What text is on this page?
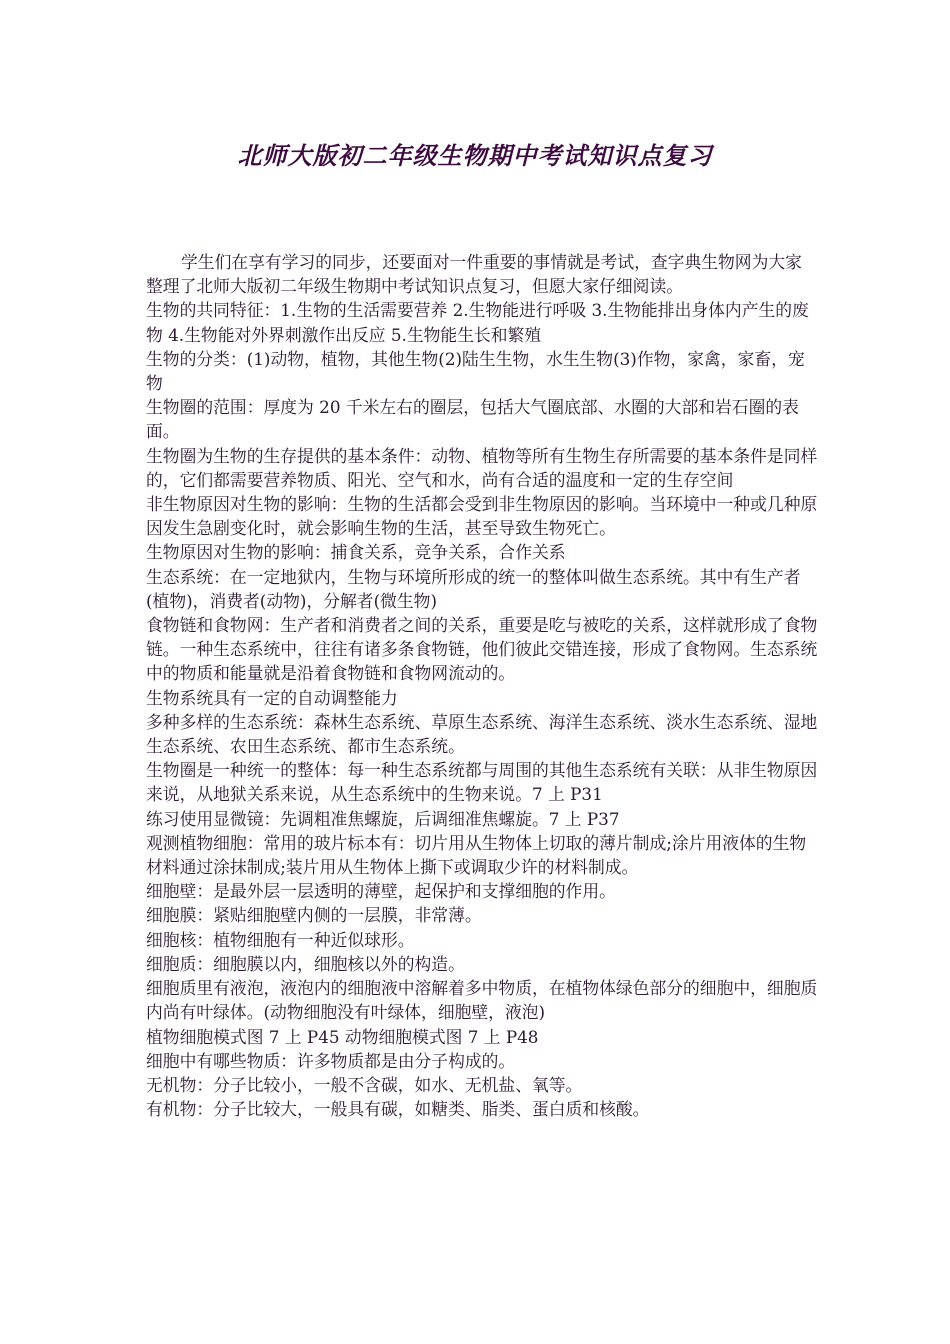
北师大版初二年级生物期中考试知识点复习

学生们在享有学习的同步，还要面对一件重要的事情就是考试，查字典生物网为大家整理了北师大版初二年级生物期中考试知识点复习，但愿大家仔细阅读。

生物的共同特征：1.生物的生活需要营养 2.生物能进行呼吸 3.生物能排出身体内产生的废物 4.生物能对外界刺激作出反应 5.生物能生长和繁殖

生物的分类：(1)动物，植物，其他生物(2)陆生生物，水生生物(3)作物，家禽，家畜，宠物

生物圈的范围：厚度为 20 千米左右的圈层，包括大气圈底部、水圈的大部和岩石圈的表面。

生物圈为生物的生存提供的基本条件：动物、植物等所有生物生存所需要的基本条件是同样的，它们都需要营养物质、阳光、空气和水，尚有合适的温度和一定的生存空间

非生物原因对生物的影响：生物的生活都会受到非生物原因的影响。当环境中一种或几种原因发生急剧变化时，就会影响生物的生活，甚至导致生物死亡。

生物原因对生物的影响：捕食关系，竞争关系，合作关系

生态系统：在一定地狱内，生物与环境所形成的统一的整体叫做生态系统。其中有生产者(植物)，消费者(动物)，分解者(微生物)

食物链和食物网：生产者和消费者之间的关系，重要是吃与被吃的关系，这样就形成了食物链。一种生态系统中，往往有诸多条食物链，他们彼此交错连接，形成了食物网。生态系统中的物质和能量就是沿着食物链和食物网流动的。

生物系统具有一定的自动调整能力

多种多样的生态系统：森林生态系统、草原生态系统、海洋生态系统、淡水生态系统、湿地生态系统、农田生态系统、都市生态系统。

生物圈是一种统一的整体：每一种生态系统都与周围的其他生态系统有关联：从非生物原因来说，从地狱关系来说，从生态系统中的生物来说。7 上 P31

练习使用显微镜：先调粗准焦螺旋，后调细准焦螺旋。7 上 P37

观测植物细胞：常用的玻片标本有：切片用从生物体上切取的薄片制成;涂片用液体的生物材料通过涂抹制成;装片用从生物体上撕下或调取少许的材料制成。

细胞壁：是最外层一层透明的薄壁，起保护和支撑细胞的作用。

细胞膜：紧贴细胞壁内侧的一层膜，非常薄。

细胞核：植物细胞有一种近似球形。

细胞质：细胞膜以内，细胞核以外的构造。

细胞质里有液泡，液泡内的细胞液中溶解着多中物质，在植物体绿色部分的细胞中，细胞质内尚有叶绿体。(动物细胞没有叶绿体，细胞壁，液泡)

植物细胞模式图 7 上 P45 动物细胞模式图 7 上 P48

细胞中有哪些物质：许多物质都是由分子构成的。

无机物：分子比较小，一般不含碳，如水、无机盐、氧等。

有机物：分子比较大，一般具有碳，如糖类、脂类、蛋白质和核酸。
